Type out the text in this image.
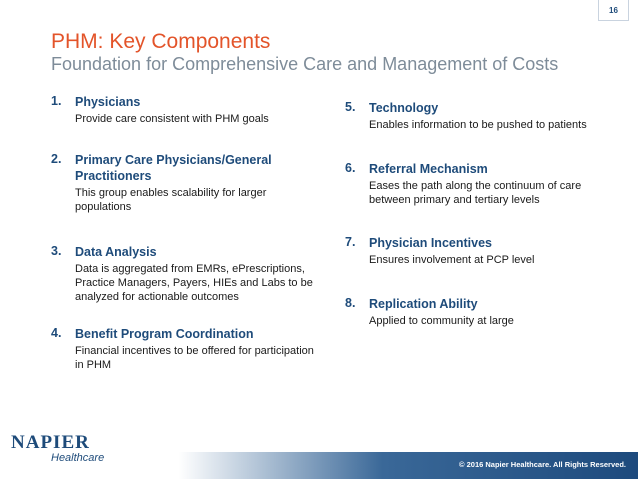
16
PHM: Key Components
Foundation for Comprehensive Care and Management of Costs
1. Physicians
Provide care consistent with PHM goals
2. Primary Care Physicians/General Practitioners
This group enables scalability for larger populations
3. Data Analysis
Data is aggregated from EMRs, ePrescriptions, Practice Managers, Payers, HIEs and Labs to be analyzed for actionable outcomes
4. Benefit Program Coordination
Financial incentives to be offered for participation in PHM
5. Technology
Enables information to be pushed to patients
6. Referral Mechanism
Eases the path along the continuum of care between primary and tertiary levels
7. Physician Incentives
Ensures involvement at PCP level
8. Replication Ability
Applied to community at large
NAPIER
Healthcare
© 2016 Napier Healthcare. All Rights Reserved.
